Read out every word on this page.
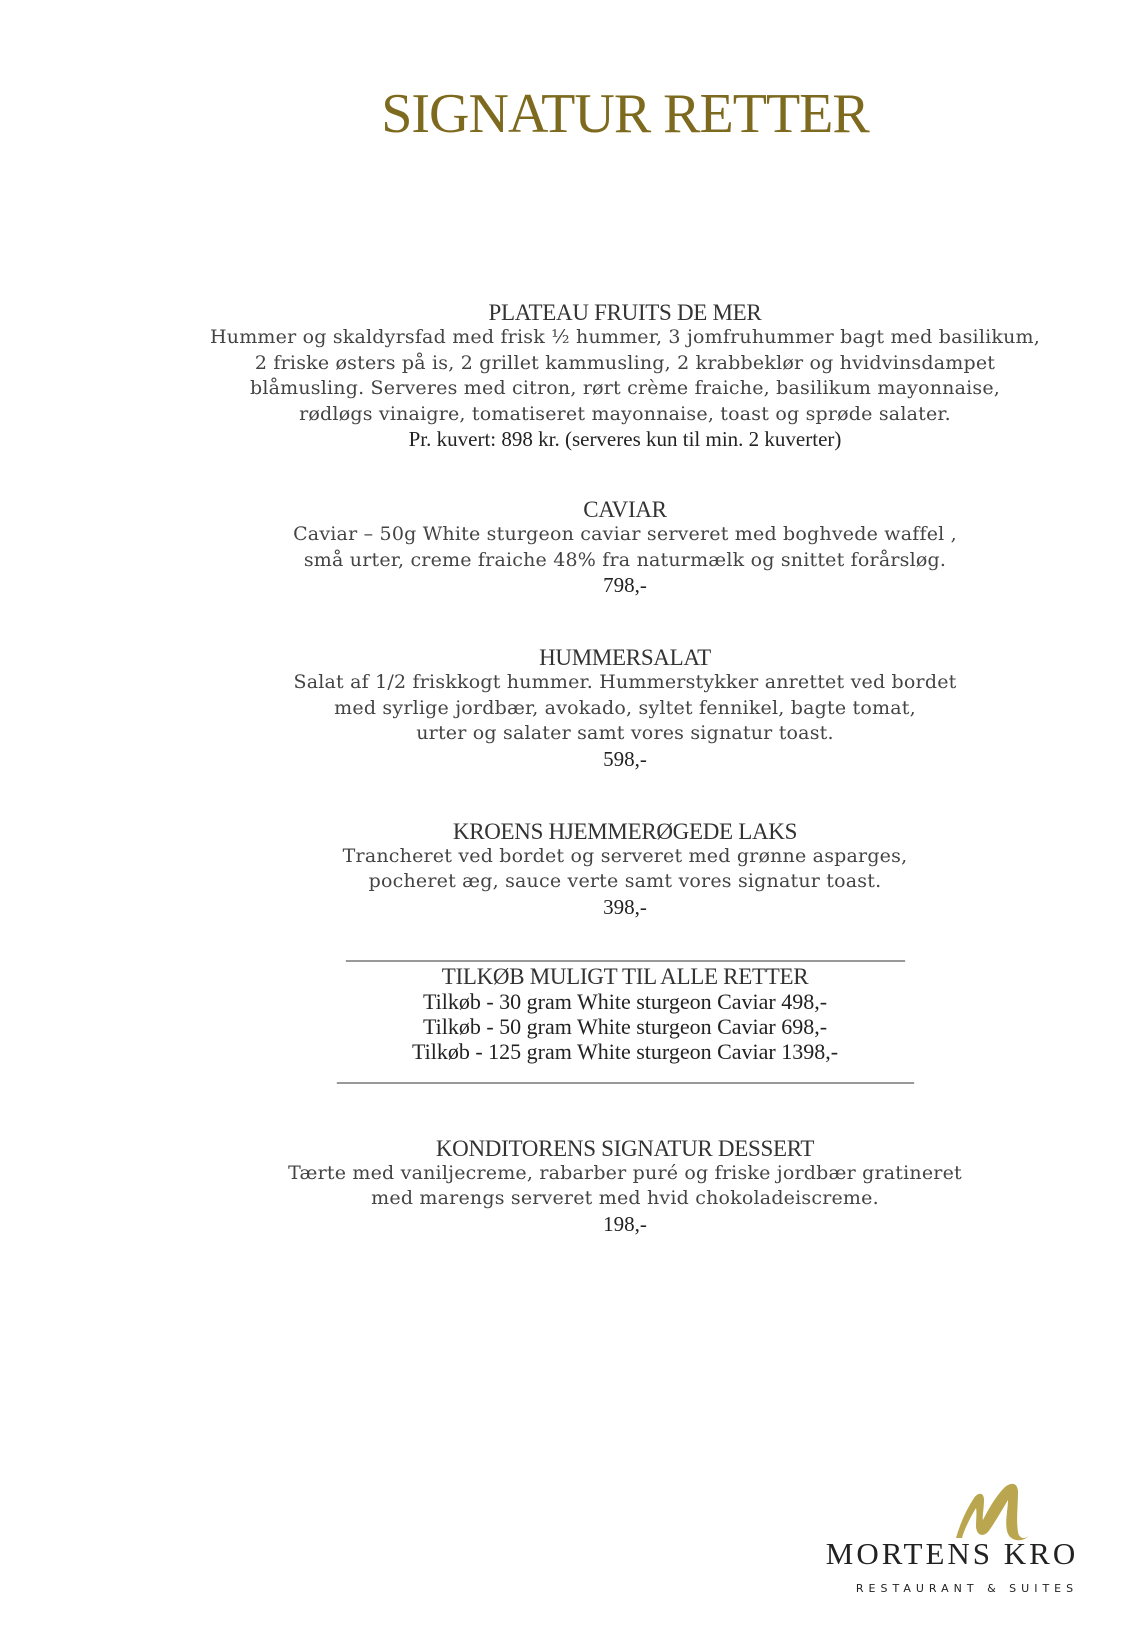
SIGNATUR RETTER
PLATEAU FRUITS DE MER
Hummer og skaldyrsfad med frisk ½ hummer, 3 jomfruhummer bagt med basilikum,
2 friske østers på is, 2 grillet kammusling, 2 krabbeklør og hvidvinsdampet
blåmusling. Serveres med citron, rørt crème fraiche, basilikum mayonnaise,
rødløgs vinaigre, tomatiseret mayonnaise, toast og sprøde salater.
Pr. kuvert: 898 kr. (serveres kun til min. 2 kuverter)
CAVIAR
Caviar – 50g White sturgeon caviar serveret med boghvede waffel ,
små urter, creme fraiche 48% fra naturmælk og snittet forårsløg.
798,-
HUMMERSALAT
Salat af 1/2 friskkogt hummer. Hummerstykker anrettet ved bordet
med syrlige jordbær, avokado, syltet fennikel, bagte tomat,
urter og salater samt vores signatur toast.
598,-
KROENS HJEMMERØGEDE LAKS
Trancheret ved bordet og serveret med grønne asparges,
pocheret æg, sauce verte samt vores signatur toast.
398,-
______________________________________________________________
TILKØB MULIGT TIL ALLE RETTER
Tilkøb - 30 gram White sturgeon Caviar 498,-
Tilkøb - 50 gram White sturgeon Caviar 698,-
Tilkøb - 125 gram White sturgeon Caviar 1398,-
________________________________________________________________
KONDITORENS SIGNATUR DESSERT
Tærte med vaniljecreme, rabarber puré og friske jordbær gratineret
med marengs serveret med hvid chokoladeiscreme.
198,-
MORTENS KRO
RESTAURANT & SUITES
